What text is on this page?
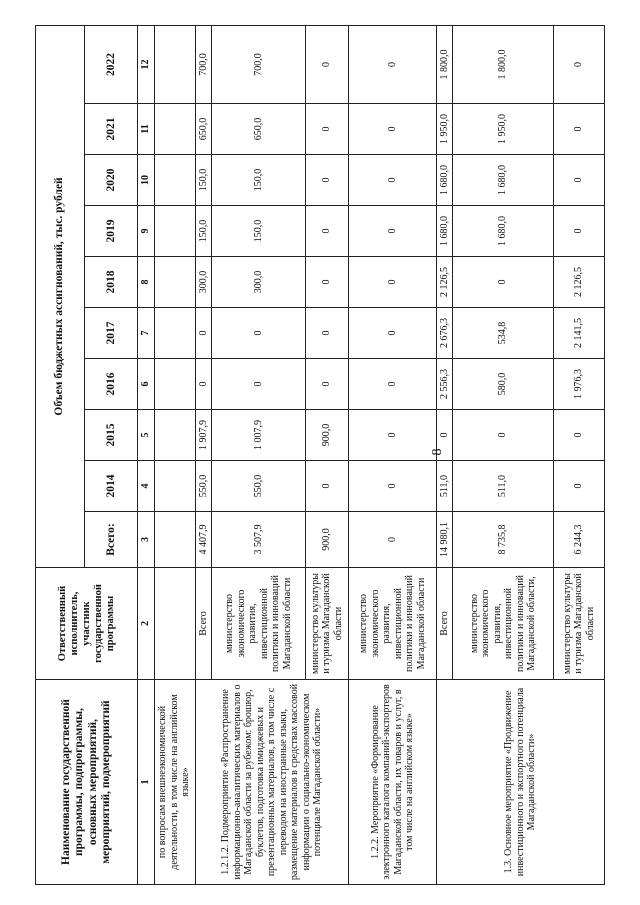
8
Наименование государственной программы, подпрограммы, основных мероприятий, мероприятий, подмероприятий	Ответственный исполнитель, участник государственной программы	Объем бюджетных ассигнований, тыс. рублей									
		Всего:	2014	2015	2016	2017	2018	2019	2020	2021	2022
1	2	3	4	5	6	7	8	9	10	11	12
по вопросам внешнеэкономической деятельности, в том числе на английском языке»											
1.2.1.2. Подмероприятие «Распространение информационно-аналитических материалов о Магаданской области за рубежом: брошюр, буклетов, подготовка имиджевых и презентационных материалов, в том числе с переводом на иностранные языки, размещение материалов в средствах массовой информации о социально-экономическом потенциале Магаданской области»	Всего	4 407,9	550,0	1 907,9	0	0	300,0	150,0	150,0	650,0	700,0
	министерство экономического развития, инвестиционной политики и инноваций Магаданской области	3 507,9	550,0	1 007,9	0	0	300,0	150,0	150,0	650,0	700,0
	министерство культуры и туризма Магаданской области	900,0	0	900,0	0	0	0	0	0	0	0
1.2.2. Мероприятие «Формирование электронного каталога компаний-экспортеров Магаданской области, их товаров и услуг, в том числе на английском языке»	министерство экономического развития, инвестиционной политики и инноваций Магаданской области	0	0	0	0	0	0	0	0	0	0
1.3. Основное мероприятие «Продвижение инвестиционного и экспортного потенциала Магаданской области»	Всего	14 980,1	511,0	0	2 556,3	2 676,3	2 126,5	1 680,0	1 680,0	1 950,0	1 800,0
	министерство экономического развития, инвестиционной политики и инноваций Магаданской области,	8 735,8	511,0	0	580,0	534,8	0	1 680,0	1 680,0	1 950,0	1 800,0
	министерство культуры и туризма Магаданской области	6 244,3	0	0	1 976,3	2 141,5	2 126,5	0	0	0	0
